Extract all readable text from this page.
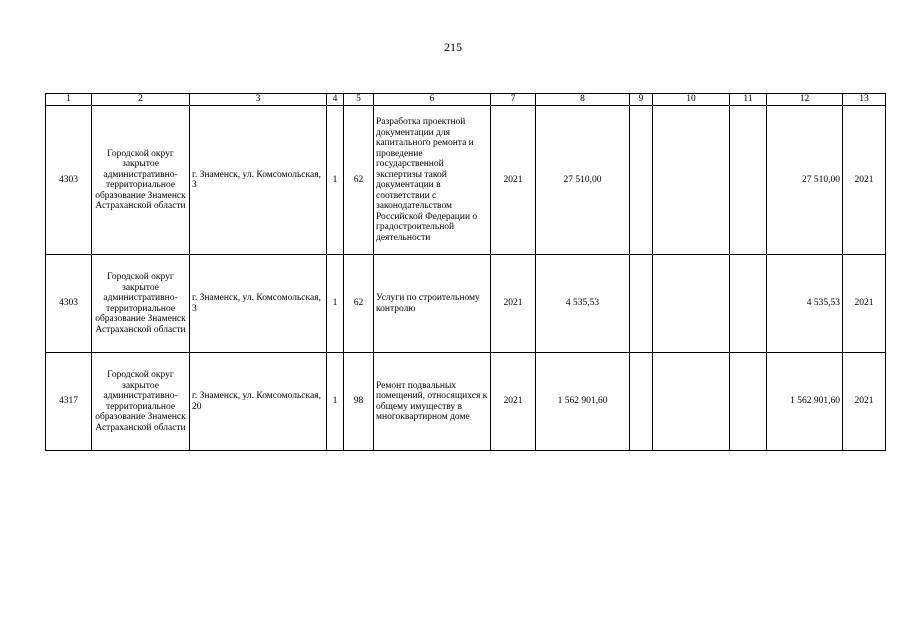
215
1	2	3	4	5	6	7	8	9	10	11	12	13
4303	Городской округ закрытое административно-территориальное образование Знаменск Астраханской области	г. Знаменск, ул. Комсомольская, 3	1	62	Разработка проектной документации для капитального ремонта и проведение государственной экспертизы такой документации в соответствии с законодательством Российской Федерации о градостроительной деятельности	2021	27 510,00				27 510,00	2021
4303	Городской округ закрытое административно-территориальное образование Знаменск Астраханской области	г. Знаменск, ул. Комсомольская, 3	1	62	Услуги по строительному контролю	2021	4 535,53				4 535,53	2021
4317	Городской округ закрытое административно-территориальное образование Знаменск Астраханской области	г. Знаменск, ул. Комсомольская, 20	1	98	Ремонт подвальных помещений, относящихся к общему имуществу в многоквартирном доме	2021	1 562 901,60				1 562 901,60	2021
